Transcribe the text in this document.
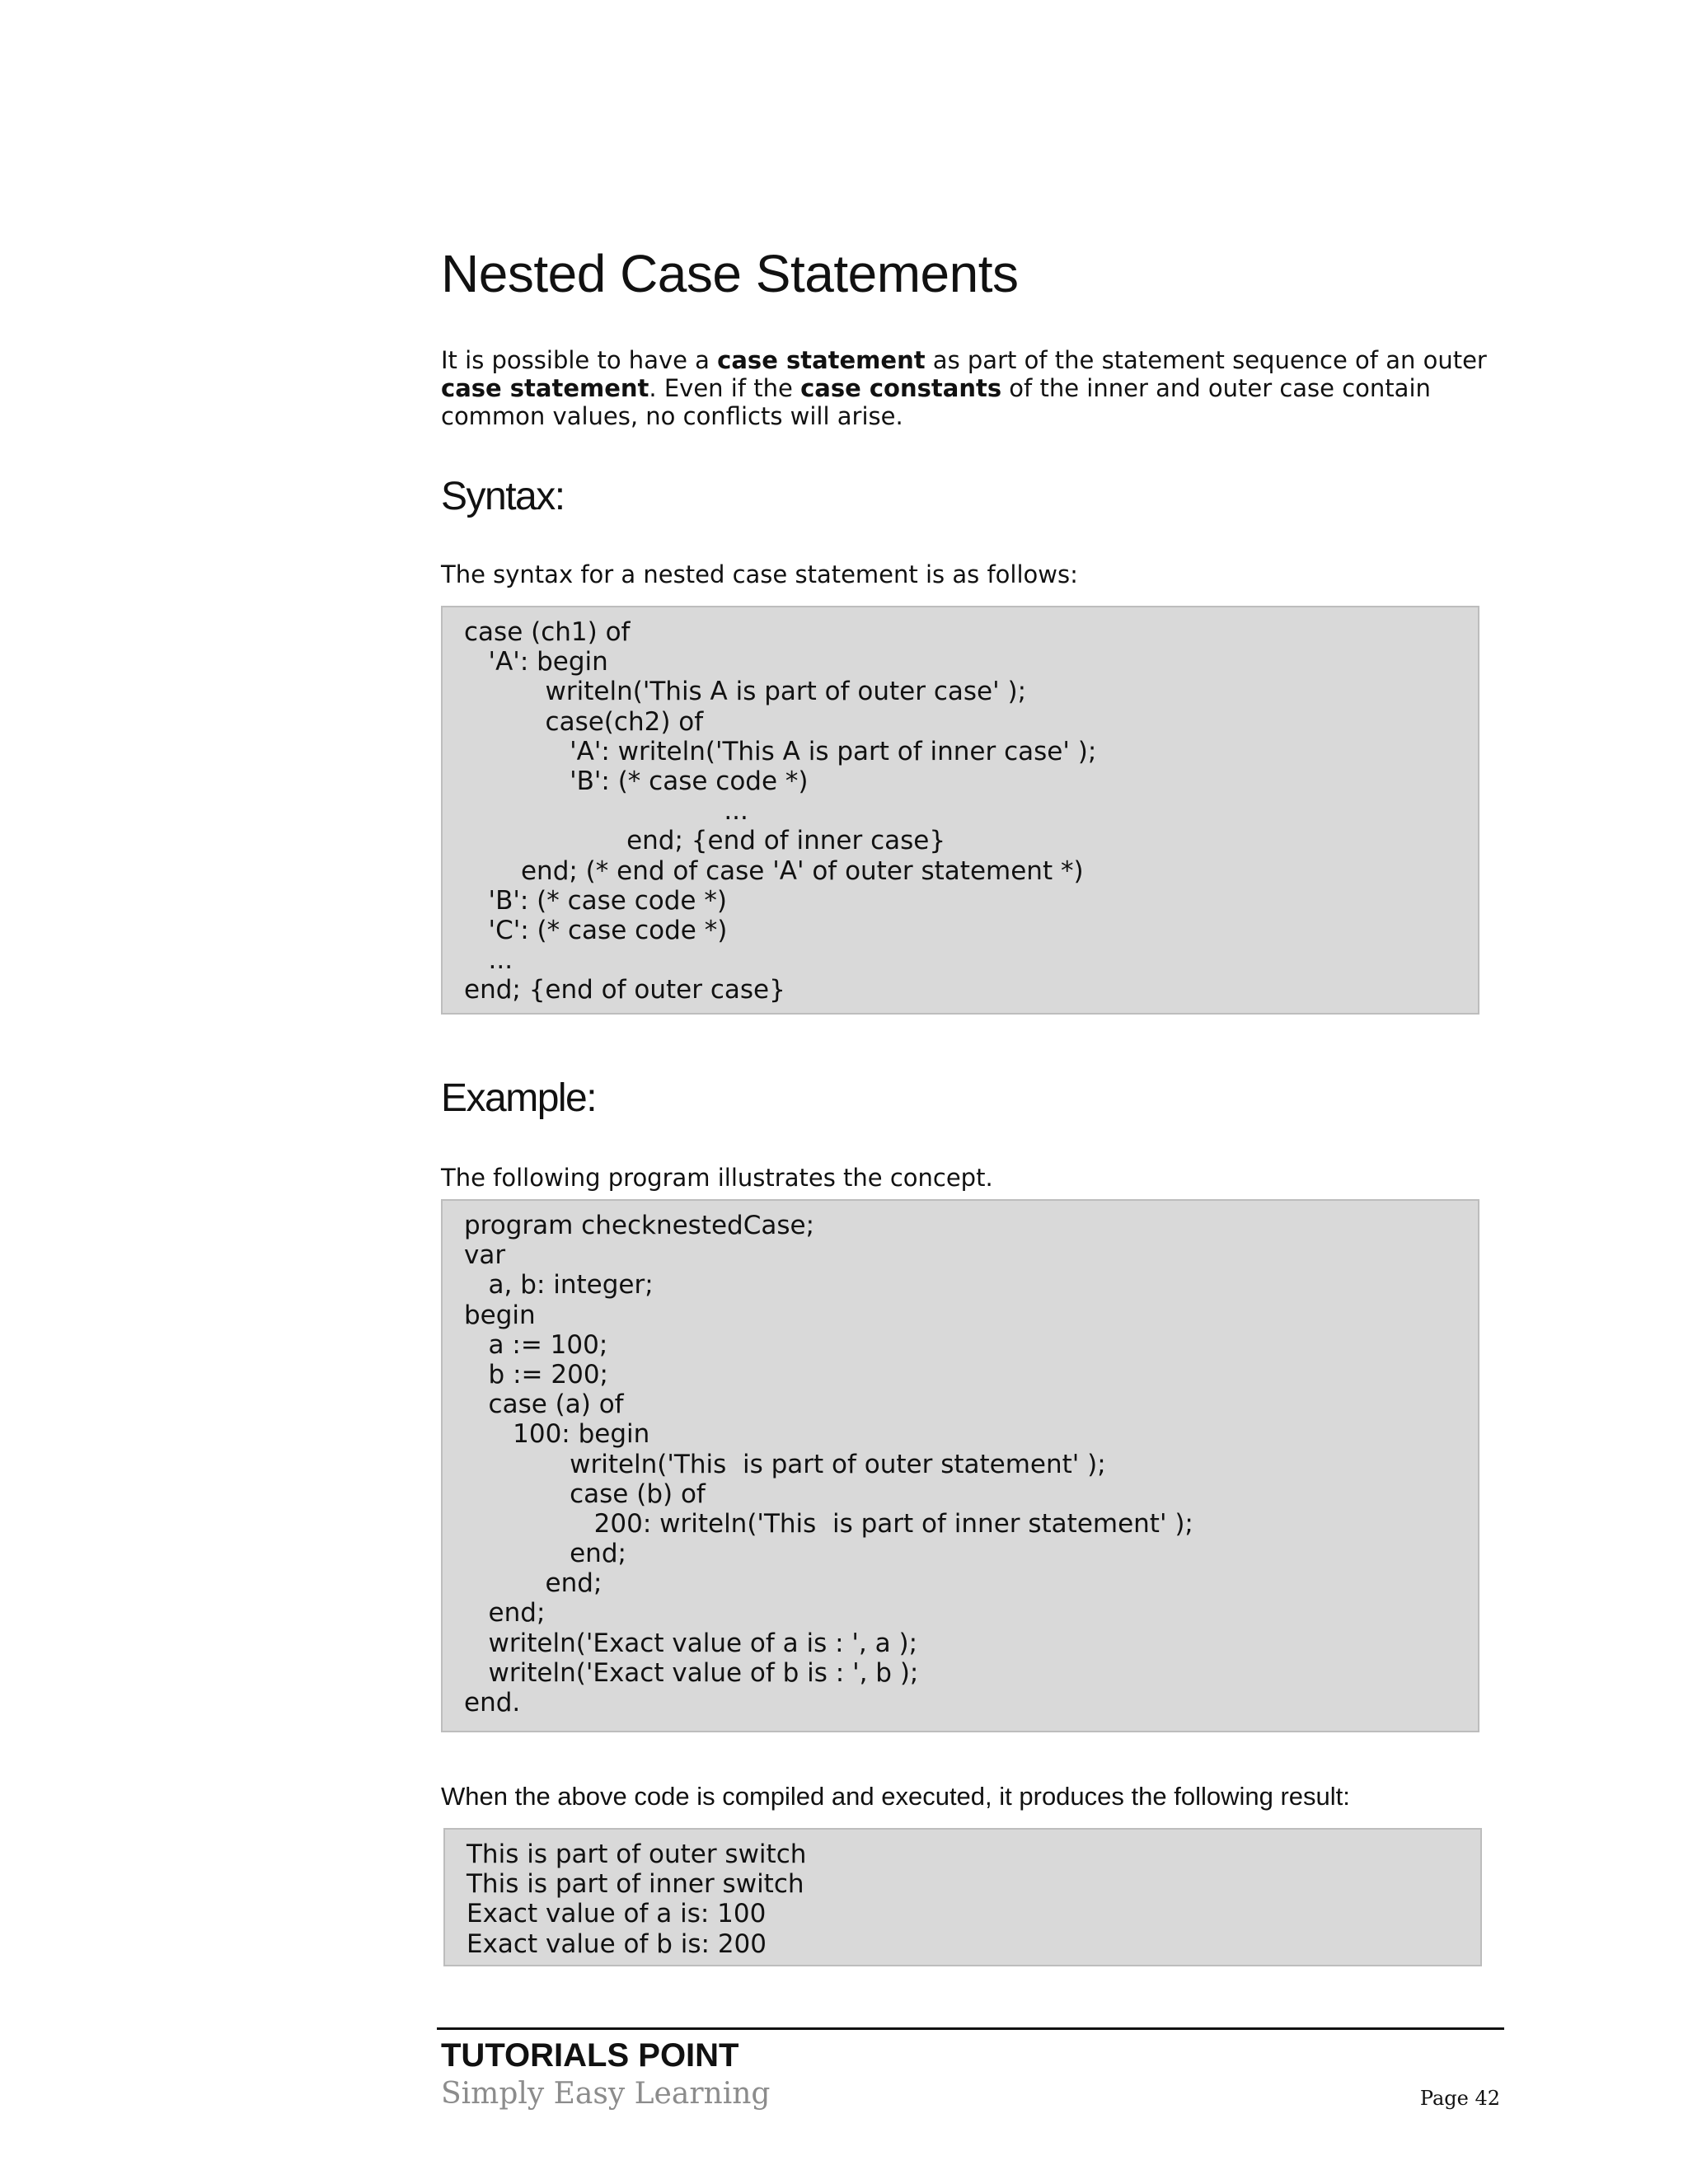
Nested Case Statements

It is possible to have a case statement as part of the statement sequence of an outer case statement. Even if the case constants of the inner and outer case contain common values, no conflicts will arise.

Syntax:

The syntax for a nested case statement is as follows:

case (ch1) of
'A': begin
writeln('This A is part of outer case' );
case(ch2) of
'A': writeln('This A is part of inner case' );
'B': (* case code *)
...
end; {end of inner case}
end; (* end of case 'A' of outer statement *)
'B': (* case code *)
'C': (* case code *)
...
end; {end of outer case}
Example:

The following program illustrates the concept.

program checknestedCase;
var
a, b: integer;
begin
a := 100;
b := 200;
case (a) of
100: begin
writeln('This  is part of outer statement' );
case (b) of
200: writeln('This  is part of inner statement' );
end;
end;
end;
writeln('Exact value of a is : ', a );
writeln('Exact value of b is : ', b );
end.

When the above code is compiled and executed, it produces the following result:

This is part of outer switch
This is part of inner switch
Exact value of a is: 100
Exact value of b is: 200
TUTORIALS POINT
Simply Easy Learning	Page 42
